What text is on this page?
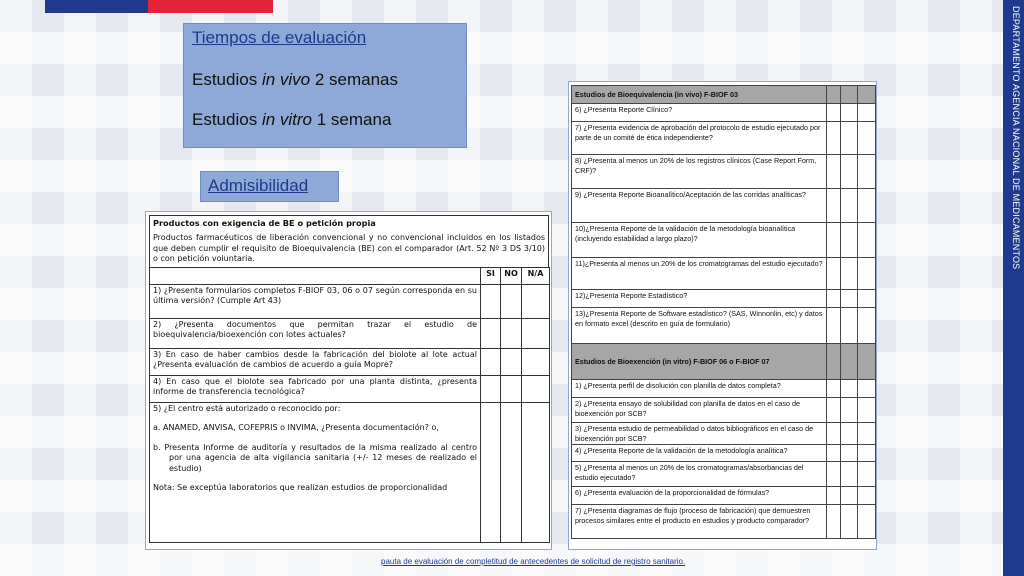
DEPARTAMENTO AGENCIA NACIONAL DE MEDICAMENTOS
Tiempos de evaluación
Estudios in vivo 2 semanas
Estudios in vitro 1 semana
Admisibilidad
Productos con exigencia de BE o petición propia
Productos farmacéuticos de liberación convencional y no convencional incluidos en los listados que deben cumplir el requisito de Bioequivalencia (BE) con el comparador (Art. 52 Nº 3 DS 3/10) o con petición voluntaria.
	SI	NO	N/A
1) ¿Presenta formularios completos F-BIOF 03, 06 o 07 según corresponda en su última versión? (Cumple Art 43)			
2) ¿Presenta documentos que permitan trazar el estudio de bioequivalencia/bioexención con lotes actuales?			
3) En caso de haber cambios desde la fabricación del biolote al lote actual ¿Presenta evaluación de cambios de acuerdo a guía Mopre?			
4) En caso que el biolote sea fabricado por una planta distinta, ¿presenta informe de transferencia tecnológica?			

5) ¿El centro está autorizado o reconocido por:
a. ANAMED, ANVISA, COFEPRIS o INVIMA, ¿Presenta documentación? o,
b. Presenta Informe de auditoría y resultados de la misma realizado al centro por una agencia de alta vigilancia sanitaria (+/- 12 meses de realizado el estudio)
Nota: Se exceptúa laboratorios que realizan estudios de proporcionalidad			

Estudios de Bioequivalencia (in vivo) F-BIOF 03			
6) ¿Presenta Reporte Clínico?			
7) ¿Presenta evidencia de aprobación del protocolo de estudio ejecutado por parte de un comité de ética independiente?			
8) ¿Presenta al menos un 20% de los registros clínicos (Case Report Form, CRF)?			
9) ¿Presenta Reporte Bioanalítico/Aceptación de las corridas analíticas?			
10)¿Presenta Reporte de la validación de la metodología bioanalítica (incluyendo estabilidad a largo plazo)?			
11)¿Presenta al menos un 20% de los cromatogramas del estudio ejecutado?			
12)¿Presenta Reporte Estadístico?			
13)¿Presenta Reporte de Software estadístico? (SAS, Winnonlin, etc) y datos en formato excel (descrito en guía de formulario)			
Estudios de Bioexención (in vitro) F-BIOF 06 o F-BIOF 07			
1) ¿Presenta perfil de disolución con planilla de datos completa?			
2) ¿Presenta ensayo de solubilidad con planilla de datos en el caso de bioexención por SCB?			
3) ¿Presenta estudio de permeabilidad o datos bibliográficos en el caso de bioexención por SCB?			
4) ¿Presenta Reporte de la validación de la metodología analítica?			
5) ¿Presenta al menos un 20% de los cromatogramas/absorbancias del estudio ejecutado?			
6) ¿Presenta evaluación de la proporcionalidad de fórmulas?			
7) ¿Presenta diagramas de flujo (proceso de fabricación) que demuestren procesos similares entre el producto en estudios y producto comparador?			
pauta de evaluación de completitud de antecedentes de solicitud de registro sanitario.
